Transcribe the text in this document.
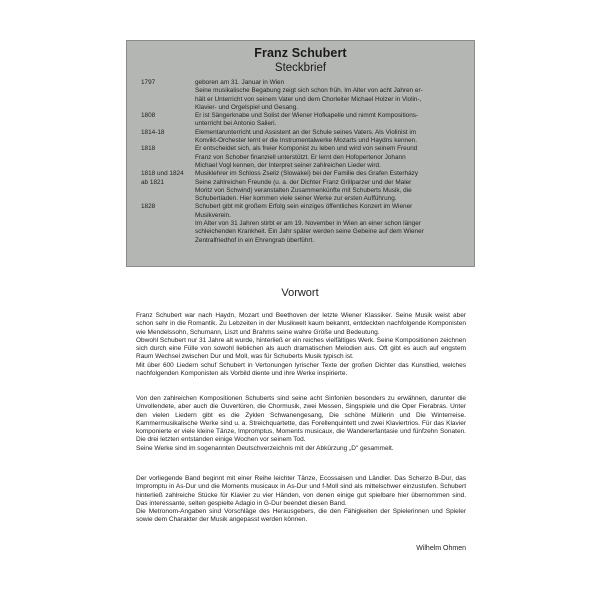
Franz Schubert
Steckbrief
1797	geboren am 31. Januar in Wien
Seine musikalische Begabung zeigt sich schon früh. Im Alter von acht Jahren er-
hält er Unterricht von seinem Vater und dem Chorleiter Michael Holzer in Violin-,
Klavier- und Orgelspiel und Gesang.
1808	Er ist Sängerknabe und Solist der Wiener Hofkapelle und nimmt Kompositions-
unterricht bei Antonio Salieri.
1814-18	Elementarunterricht und Assistent an der Schule seines Vaters. Als Violinist im
Konvikt-Orchester lernt er die Instrumentalwerke Mozarts und Haydns kennen.
1818	Er entscheidet sich, als freier Komponist zu leben und wird von seinem Freund
Franz von Schober finanziell unterstützt. Er lernt den Hofopertenor Johann
Michael Vogl kennen, der Interpret seiner zahlreichen Lieder wird.
1818 und 1824	Musiklehrer im Schloss Zseliz (Slowakei) bei der Familie des Grafen Esterházy
ab 1821	Seine zahlreichen Freunde (u. a. der Dichter Franz Grillparzer und der Maler
Moritz von Schwind) veranstalten Zusammenkünfte mit Schuberts Musik, die
Schubertiaden. Hier kommen viele seiner Werke zur ersten Aufführung.
1828	Schubert gibt mit großem Erfolg sein einziges öffentliches Konzert im Wiener
Musikverein.
Im Alter von 31 Jahren stirbt er am 19. November in Wien an einer schon länger
schleichenden Krankheit. Ein Jahr später werden seine Gebeine auf dem Wiener
Zentralfriedhof in ein Ehrengrab überführt.
Vorwort
Franz Schubert war nach Haydn, Mozart und Beethoven der letzte Wiener Klassiker. Seine Musik weist aber schon sehr in die Romantik. Zu Lebzeiten in der Musikwelt kaum bekannt, entdeckten nachfolgende Komponisten wie Mendelssohn, Schumann, Liszt und Brahms seine wahre Größe und Bedeutung.
Obwohl Schubert nur 31 Jahre alt wurde, hinterließ er ein reiches vielfältiges Werk. Seine Kompositionen zeichnen sich durch eine Fülle von sowohl lieblichen als auch dramatischen Melodien aus. Oft gibt es auch auf engstem Raum Wechsel zwischen Dur und Moll, was für Schuberts Musik typisch ist.
Mit über 600 Liedern schuf Schubert in Vertonungen lyrischer Texte der großen Dichter das Kunstlied, welches nachfolgenden Komponisten als Vorbild diente und ihre Werke inspirierte.
Von den zahlreichen Kompositionen Schuberts sind seine acht Sinfonien besonders zu erwähnen, darunter die Unvollendete, aber auch die Ouvertüren, die Chormusik, zwei Messen, Singspiele und die Oper Fierabras. Unter den vielen Liedern gibt es die Zyklen Schwanengesang, Die schöne Müllerin und Die Winterreise. Kammermusikalische Werke sind u. a. Streichquartette, das Forellenquintett und zwei Klaviertrios. Für das Klavier komponierte er viele kleine Tänze, Impromptus, Moments musicaux, die Wandererfantasie und fünfzehn Sonaten. Die drei letzten entstanden einige Wochen vor seinem Tod.
Seine Werke sind im sogenannten Deutschverzeichnis mit der Abkürzung „D" gesammelt.
Der vorliegende Band beginnt mit einer Reihe leichter Tänze, Ecossaisen und Ländler. Das Scherzo B-Dur, das Impromptu in As-Dur und die Moments musicaux in As-Dur und f-Moll sind als mittelschwer einzustufen. Schubert hinterließ zahlreiche Stücke für Klavier zu vier Händen, von denen einige gut spielbare hier übernommen sind. Das interessante, selten gespielte Adagio in G-Dur beendet diesen Band.
Die Metronom-Angaben sind Vorschläge des Herausgebers, die den Fähigkeiten der Spielerinnen und Spieler sowie dem Charakter der Musik angepasst werden können.
Wilhelm Ohmen
